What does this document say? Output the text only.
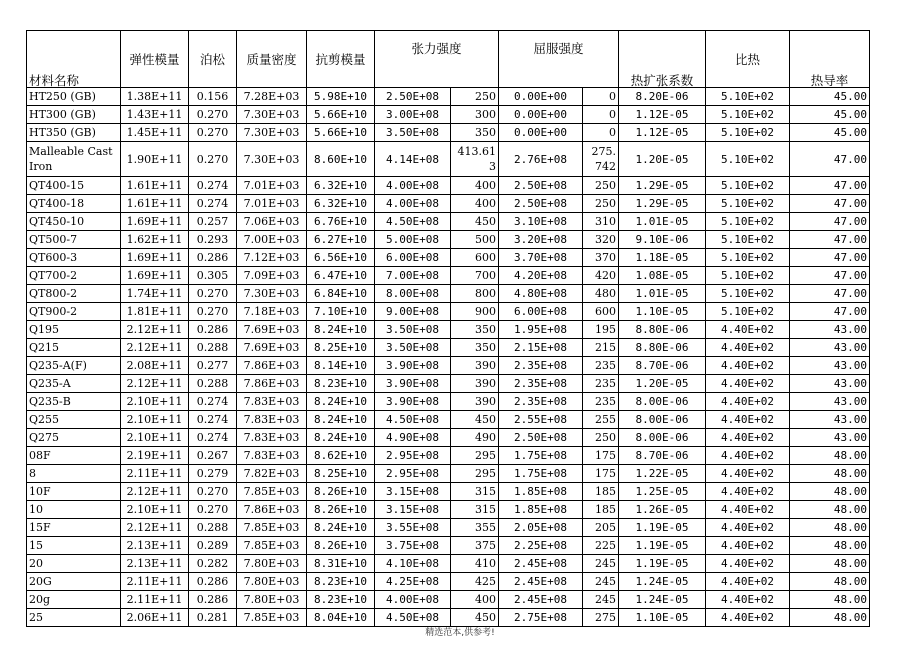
材料名称	弹性模量	泊松	质量密度	抗剪模量	张力强度		屈服强度		热扩张系数	比热	热导率
HT250 (GB)	1.38E+11	0.156	7.28E+03	5.98E+10	2.50E+08	250	0.00E+00	0	8.20E-06	5.10E+02	45.00
HT300 (GB)	1.43E+11	0.270	7.30E+03	5.66E+10	3.00E+08	300	0.00E+00	0	1.12E-05	5.10E+02	45.00
HT350 (GB)	1.45E+11	0.270	7.30E+03	5.66E+10	3.50E+08	350	0.00E+00	0	1.12E-05	5.10E+02	45.00
Malleable Cast Iron	1.90E+11	0.270	7.30E+03	8.60E+10	4.14E+08	413.613	2.76E+08	275.742	1.20E-05	5.10E+02	47.00
QT400-15	1.61E+11	0.274	7.01E+03	6.32E+10	4.00E+08	400	2.50E+08	250	1.29E-05	5.10E+02	47.00
QT400-18	1.61E+11	0.274	7.01E+03	6.32E+10	4.00E+08	400	2.50E+08	250	1.29E-05	5.10E+02	47.00
QT450-10	1.69E+11	0.257	7.06E+03	6.76E+10	4.50E+08	450	3.10E+08	310	1.01E-05	5.10E+02	47.00
QT500-7	1.62E+11	0.293	7.00E+03	6.27E+10	5.00E+08	500	3.20E+08	320	9.10E-06	5.10E+02	47.00
QT600-3	1.69E+11	0.286	7.12E+03	6.56E+10	6.00E+08	600	3.70E+08	370	1.18E-05	5.10E+02	47.00
QT700-2	1.69E+11	0.305	7.09E+03	6.47E+10	7.00E+08	700	4.20E+08	420	1.08E-05	5.10E+02	47.00
QT800-2	1.74E+11	0.270	7.30E+03	6.84E+10	8.00E+08	800	4.80E+08	480	1.01E-05	5.10E+02	47.00
QT900-2	1.81E+11	0.270	7.18E+03	7.10E+10	9.00E+08	900	6.00E+08	600	1.10E-05	5.10E+02	47.00
Q195	2.12E+11	0.286	7.69E+03	8.24E+10	3.50E+08	350	1.95E+08	195	8.80E-06	4.40E+02	43.00
Q215	2.12E+11	0.288	7.69E+03	8.25E+10	3.50E+08	350	2.15E+08	215	8.80E-06	4.40E+02	43.00
Q235-A(F)	2.08E+11	0.277	7.86E+03	8.14E+10	3.90E+08	390	2.35E+08	235	8.70E-06	4.40E+02	43.00
Q235-A	2.12E+11	0.288	7.86E+03	8.23E+10	3.90E+08	390	2.35E+08	235	1.20E-05	4.40E+02	43.00
Q235-B	2.10E+11	0.274	7.83E+03	8.24E+10	3.90E+08	390	2.35E+08	235	8.00E-06	4.40E+02	43.00
Q255	2.10E+11	0.274	7.83E+03	8.24E+10	4.50E+08	450	2.55E+08	255	8.00E-06	4.40E+02	43.00
Q275	2.10E+11	0.274	7.83E+03	8.24E+10	4.90E+08	490	2.50E+08	250	8.00E-06	4.40E+02	43.00
08F	2.19E+11	0.267	7.83E+03	8.62E+10	2.95E+08	295	1.75E+08	175	8.70E-06	4.40E+02	48.00
8	2.11E+11	0.279	7.82E+03	8.25E+10	2.95E+08	295	1.75E+08	175	1.22E-05	4.40E+02	48.00
10F	2.12E+11	0.270	7.85E+03	8.26E+10	3.15E+08	315	1.85E+08	185	1.25E-05	4.40E+02	48.00
10	2.10E+11	0.270	7.86E+03	8.26E+10	3.15E+08	315	1.85E+08	185	1.26E-05	4.40E+02	48.00
15F	2.12E+11	0.288	7.85E+03	8.24E+10	3.55E+08	355	2.05E+08	205	1.19E-05	4.40E+02	48.00
15	2.13E+11	0.289	7.85E+03	8.26E+10	3.75E+08	375	2.25E+08	225	1.19E-05	4.40E+02	48.00
20	2.13E+11	0.282	7.80E+03	8.31E+10	4.10E+08	410	2.45E+08	245	1.19E-05	4.40E+02	48.00
20G	2.11E+11	0.286	7.80E+03	8.23E+10	4.25E+08	425	2.45E+08	245	1.24E-05	4.40E+02	48.00
20g	2.11E+11	0.286	7.80E+03	8.23E+10	4.00E+08	400	2.45E+08	245	1.24E-05	4.40E+02	48.00
25	2.06E+11	0.281	7.85E+03	8.04E+10	4.50E+08	450	2.75E+08	275	1.10E-05	4.40E+02	48.00
精选范本,供参考!
